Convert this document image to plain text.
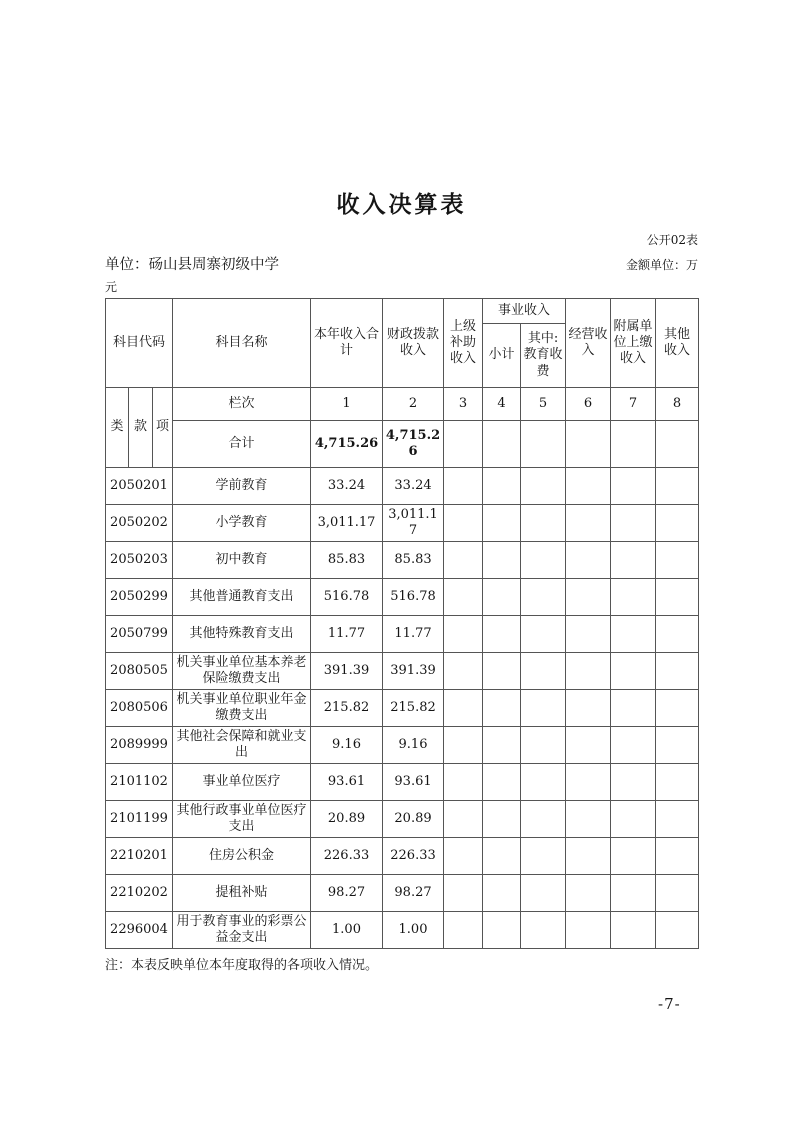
收入决算表
公开02表
单位：砀山县周寨初级中学	金额单位：万
元
科目代码			科目名称	本年收入合计	财政拨款收入	上级补助收入	事业收入		经营收入	附属单位上缴收入	其他收入
							小计	其中:教育收费			
类	款	项	栏次	1	2	3	4	5	6	7	8
			合计	4,715.26	4,715.26						
2050201			学前教育	33.24	33.24						
2050202			小学教育	3,011.17	3,011.17						
2050203			初中教育	85.83	85.83						
2050299			其他普通教育支出	516.78	516.78						
2050799			其他特殊教育支出	11.77	11.77						
2080505			机关事业单位基本养老保险缴费支出	391.39	391.39						
2080506			机关事业单位职业年金缴费支出	215.82	215.82						
2089999			其他社会保障和就业支出	9.16	9.16						
2101102			事业单位医疗	93.61	93.61						
2101199			其他行政事业单位医疗支出	20.89	20.89						
2210201			住房公积金	226.33	226.33						
2210202			提租补贴	98.27	98.27						
2296004			用于教育事业的彩票公益金支出	1.00	1.00						
注：本表反映单位本年度取得的各项收入情况。
-7-
